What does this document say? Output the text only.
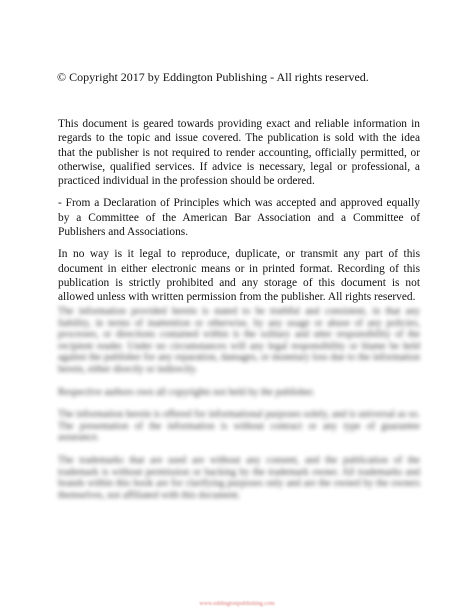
© Copyright 2017 by Eddington Publishing - All rights reserved.

This document is geared towards providing exact and reliable information in regards to the topic and issue covered. The publication is sold with the idea that the publisher is not required to render accounting, officially permitted, or otherwise, qualified services. If advice is necessary, legal or professional, a practiced individual in the profession should be ordered.

- From a Declaration of Principles which was accepted and approved equally by a Committee of the American Bar Association and a Committee of Publishers and Associations.

In no way is it legal to reproduce, duplicate, or transmit any part of this document in either electronic means or in printed format. Recording of this publication is strictly prohibited and any storage of this document is not allowed unless with written permission from the publisher. All rights reserved.

The information provided herein is stated to be truthful and consistent, in that any liability, in terms of inattention or otherwise, by any usage or abuse of any policies, processes, or directions contained within is the solitary and utter responsibility of the recipient reader. Under no circumstances will any legal responsibility or blame be held against the publisher for any reparation, damages, or monetary loss due to the information herein, either directly or indirectly.

Respective authors own all copyrights not held by the publisher.

The information herein is offered for informational purposes solely, and is universal as so. The presentation of the information is without contract or any type of guarantee assurance.

The trademarks that are used are without any consent, and the publication of the trademark is without permission or backing by the trademark owner. All trademarks and brands within this book are for clarifying purposes only and are the owned by the owners themselves, not affiliated with this document.

www.eddingtonpublishing.com
